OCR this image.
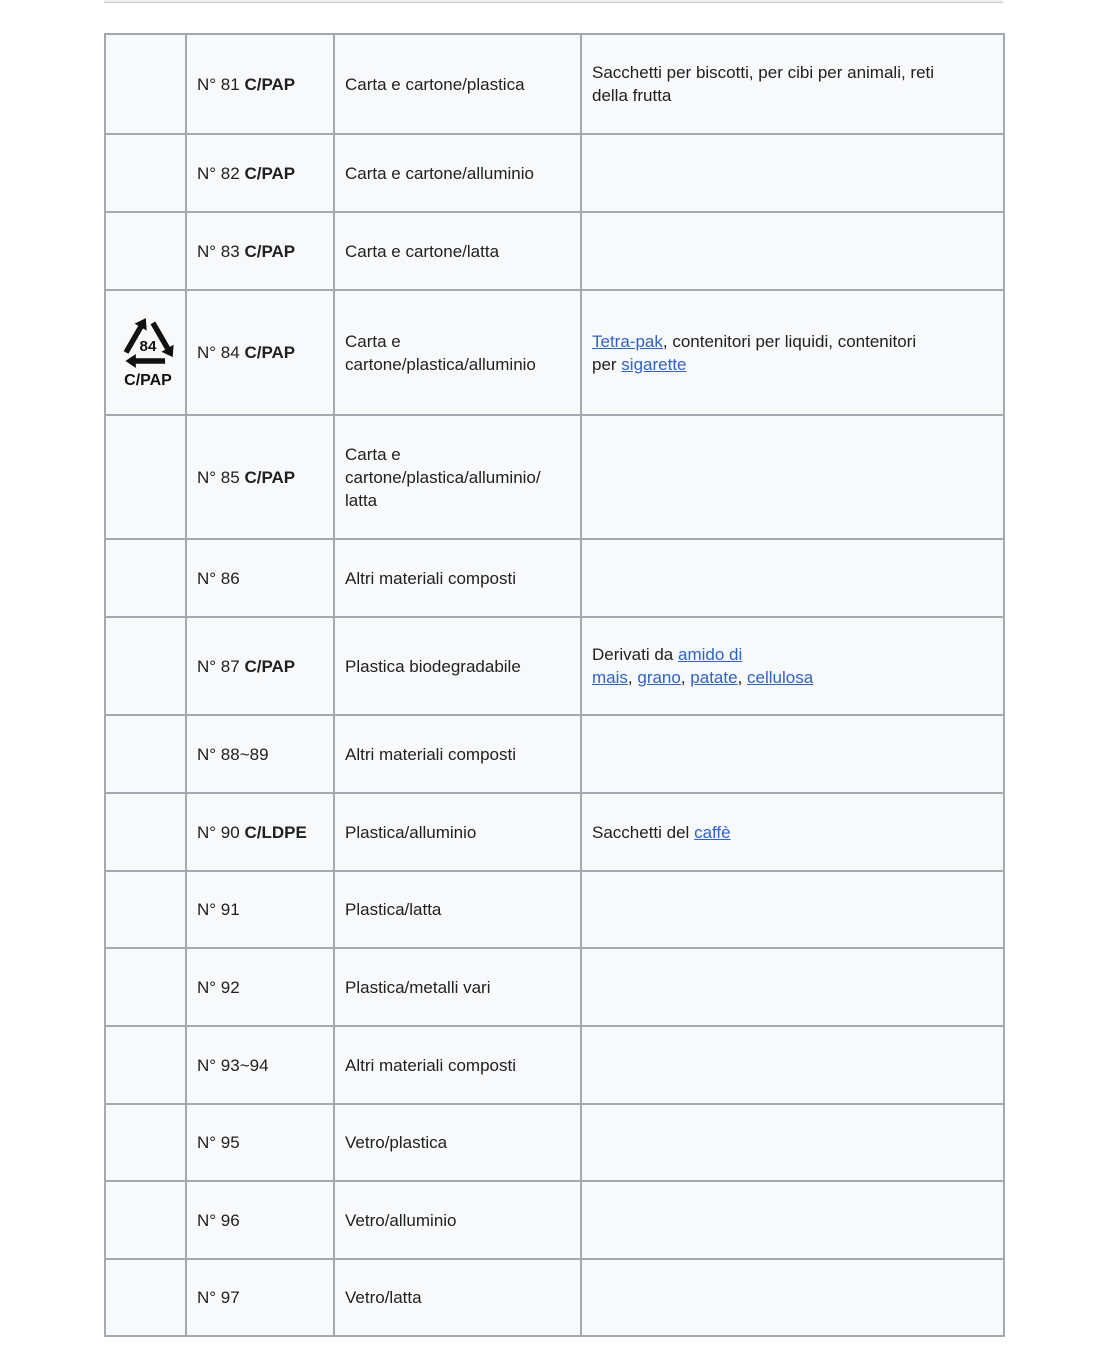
	N° 81 C/PAP	Carta e cartone/plastica	Sacchetti per biscotti, per cibi per animali, reti
della frutta
	N° 82 C/PAP	Carta e cartone/alluminio	

	N° 83 C/PAP	Carta e cartone/latta	

84
C/PAP	N° 84 C/PAP	Carta e
cartone/plastica/alluminio	Tetra-pak, contenitori per liquidi, contenitori
per sigarette
	N° 85 C/PAP	Carta e
cartone/plastica/alluminio/
latta	

	N° 86	Altri materiali composti	

	N° 87 C/PAP	Plastica biodegradabile	Derivati da amido di
mais, grano, patate, cellulosa
	N° 88~89	Altri materiali composti	

	N° 90 C/LDPE	Plastica/alluminio	Sacchetti del caffè
	N° 91	Plastica/latta	

	N° 92	Plastica/metalli vari	

	N° 93~94	Altri materiali composti	

	N° 95	Vetro/plastica	

	N° 96	Vetro/alluminio	

	N° 97	Vetro/latta	
